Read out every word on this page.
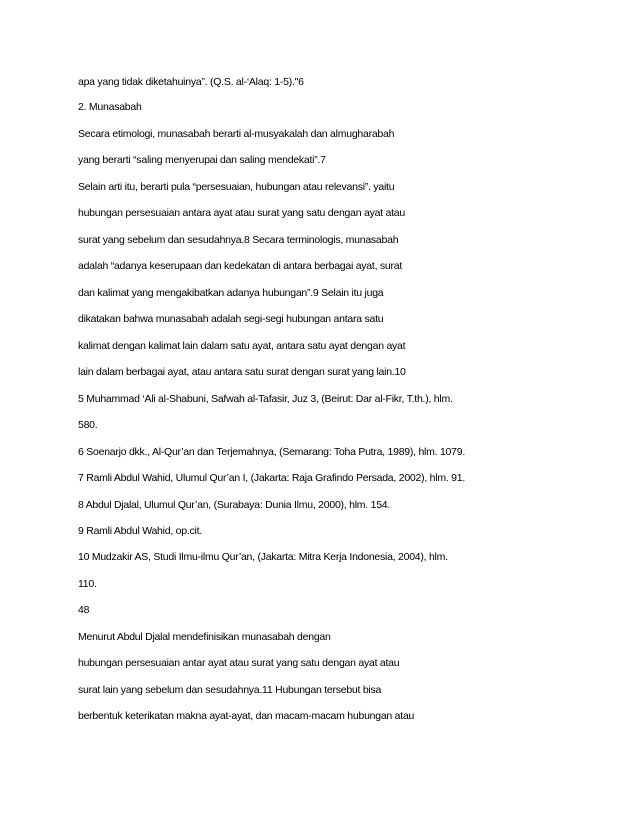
apa yang tidak diketahuinya”. (Q.S. al-‘Alaq: 1-5)."6
2. Munasabah
Secara etimologi, munasabah berarti al-musyakalah dan almugharabah
yang berarti “saling menyerupai dan saling mendekati”.7
Selain arti itu, berarti pula “persesuaian, hubungan atau relevansi”. yaitu
hubungan persesuaian antara ayat atau surat yang satu dengan ayat atau
surat yang sebelum dan sesudahnya.8 Secara terminologis, munasabah
adalah “adanya keserupaan dan kedekatan di antara berbagai ayat, surat
dan kalimat yang mengakibatkan adanya hubungan”.9 Selain itu juga
dikatakan bahwa munasabah adalah segi-segi hubungan antara satu
kalimat dengan kalimat lain dalam satu ayat, antara satu ayat dengan ayat
lain dalam berbagai ayat, atau antara satu surat dengan surat yang lain.10
5 Muhammad ‘Ali al-Shabuni, Safwah al-Tafasir, Juz 3, (Beirut: Dar al-Fikr, T.th.), hlm.
580.
6 Soenarjo dkk., Al-Qur’an dan Terjemahnya, (Semarang: Toha Putra, 1989), hlm. 1079.
7 Ramli Abdul Wahid, Ulumul Qur’an I, (Jakarta: Raja Grafindo Persada, 2002), hlm. 91.
8 Abdul Djalal, Ulumul Qur’an, (Surabaya: Dunia Ilmu, 2000), hlm. 154.
9 Ramli Abdul Wahid, op.cit.
10 Mudzakir AS, Studi Ilmu-ilmu Qur’an, (Jakarta: Mitra Kerja Indonesia, 2004), hlm.
110.
48
Menurut Abdul Djalal mendefinisikan munasabah dengan
hubungan persesuaian antar ayat atau surat yang satu dengan ayat atau
surat lain yang sebelum dan sesudahnya.11 Hubungan tersebut bisa
berbentuk keterikatan makna ayat-ayat, dan macam-macam hubungan atau
